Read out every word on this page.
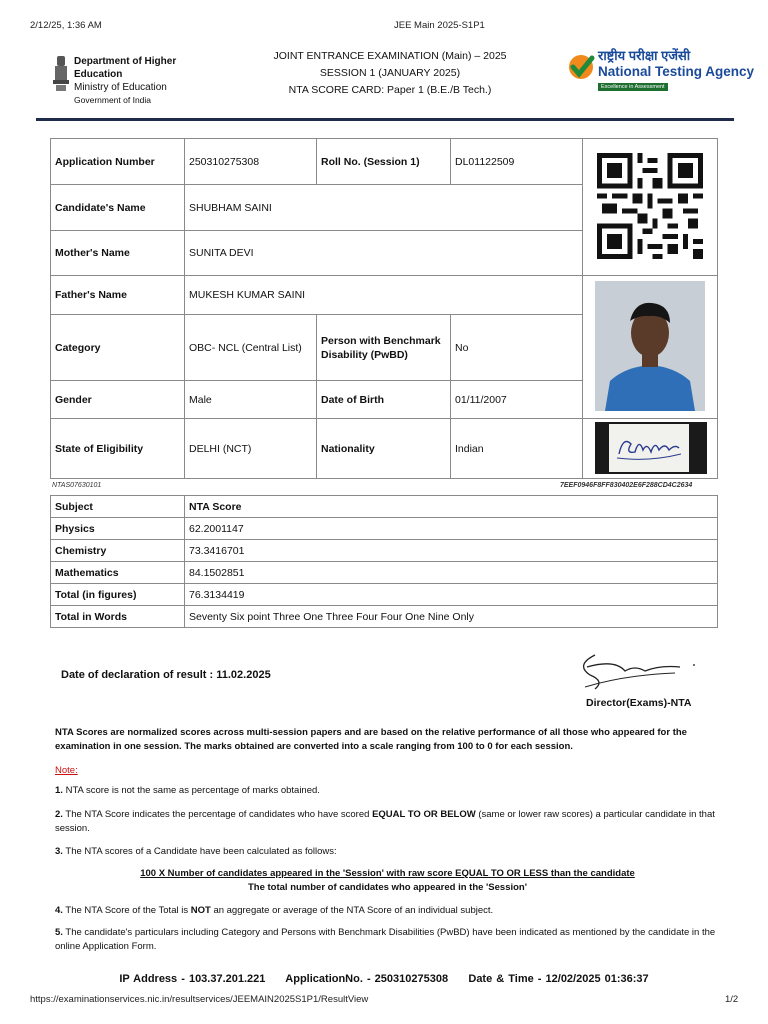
2/12/25, 1:36 AM	JEE Main 2025-S1P1
Department of Higher Education
Ministry of Education
Government of India
JOINT ENTRANCE EXAMINATION (Main) – 2025
SESSION 1 (JANUARY 2025)
NTA SCORE CARD: Paper 1 (B.E./B Tech.)
राष्ट्रीय परीक्षा एजेंसी
National Testing Agency
Excellence in Assessment
Application Number	250310275308	Roll No. (Session 1)	DL01122509	
Candidate's Name	SHUBHAM SAINI			
Mother's Name	SUNITA DEVI			
Father's Name	MUKESH KUMAR SAINI			
Category	OBC- NCL (Central List)	Person with Benchmark Disability (PwBD)	No	
Gender	Male	Date of Birth	01/11/2007	
State of Eligibility	DELHI (NCT)	Nationality	Indian	
NTAS07630101	7EEF0946F8FF830402E6F288CD4C2634
Subject	NTA Score
Physics	62.2001147
Chemistry	73.3416701
Mathematics	84.1502851
Total (in figures)	76.3134419
Total in Words	Seventy Six point Three One Three Four Four One Nine Only
Date of declaration of result : 11.02.2025
Director(Exams)-NTA
NTA Scores are normalized scores across multi-session papers and are based on the relative performance of all those who appeared for the examination in one session. The marks obtained are converted into a scale ranging from 100 to 0 for each session.
Note:
1. NTA score is not the same as percentage of marks obtained.
2. The NTA Score indicates the percentage of candidates who have scored EQUAL TO OR BELOW (same or lower raw scores) a particular candidate in that session.
3. The NTA scores of a Candidate have been calculated as follows:
100 X Number of candidates appeared in the 'Session' with raw score EQUAL TO OR LESS than the candidate
The total number of candidates who appeared in the 'Session'
4. The NTA Score of the Total is NOT an aggregate or average of the NTA Score of an individual subject.
5. The candidate's particulars including Category and Persons with Benchmark Disabilities (PwBD) have been indicated as mentioned by the candidate in the online Application Form.
IP Address - 103.37.201.221 ApplicationNo. - 250310275308 Date & Time - 12/02/2025 01:36:37
https://examinationservices.nic.in/resultservices/JEEMAIN2025S1P1/ResultView	1/2
